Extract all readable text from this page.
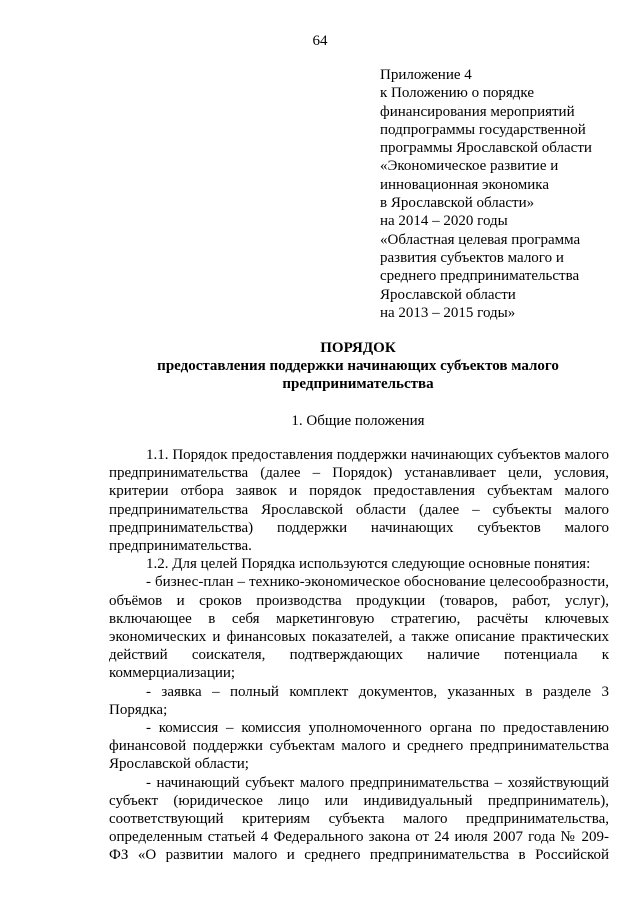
64
Приложение 4
к Положению о порядке
финансирования мероприятий
подпрограммы государственной
программы Ярославской области
«Экономическое развитие и
инновационная экономика
в Ярославской области»
на 2014 – 2020 годы
«Областная целевая программа
развития субъектов малого и
среднего предпринимательства
Ярославской области
на 2013 – 2015 годы»
ПОРЯДОК
предоставления поддержки начинающих субъектов малого
предпринимательства
1. Общие положения

1.1. Порядок предоставления поддержки начинающих субъектов малого предпринимательства (далее – Порядок) устанавливает цели, условия, критерии отбора заявок и порядок предоставления субъектам малого предпринимательства Ярославской области (далее – субъекты малого предпринимательства) поддержки начинающих субъектов малого предпринимательства.

1.2. Для целей Порядка используются следующие основные понятия:

- бизнес-план – технико-экономическое обоснование целесообразности, объёмов и сроков производства продукции (товаров, работ, услуг), включающее в себя маркетинговую стратегию, расчёты ключевых экономических и финансовых показателей, а также описание практических действий соискателя, подтверждающих наличие потенциала к коммерциализации;

- заявка – полный комплект документов, указанных в разделе 3 Порядка;

- комиссия – комиссия уполномоченного органа по предоставлению финансовой поддержки субъектам малого и среднего предпринимательства Ярославской области;

- начинающий субъект малого предпринимательства – хозяйствующий субъект (юридическое лицо или индивидуальный предприниматель), соответствующий критериям субъекта малого предпринимательства, определенным статьей 4 Федерального закона от 24 июля 2007 года № 209-ФЗ «О развитии малого и среднего предпринимательства в Российской
